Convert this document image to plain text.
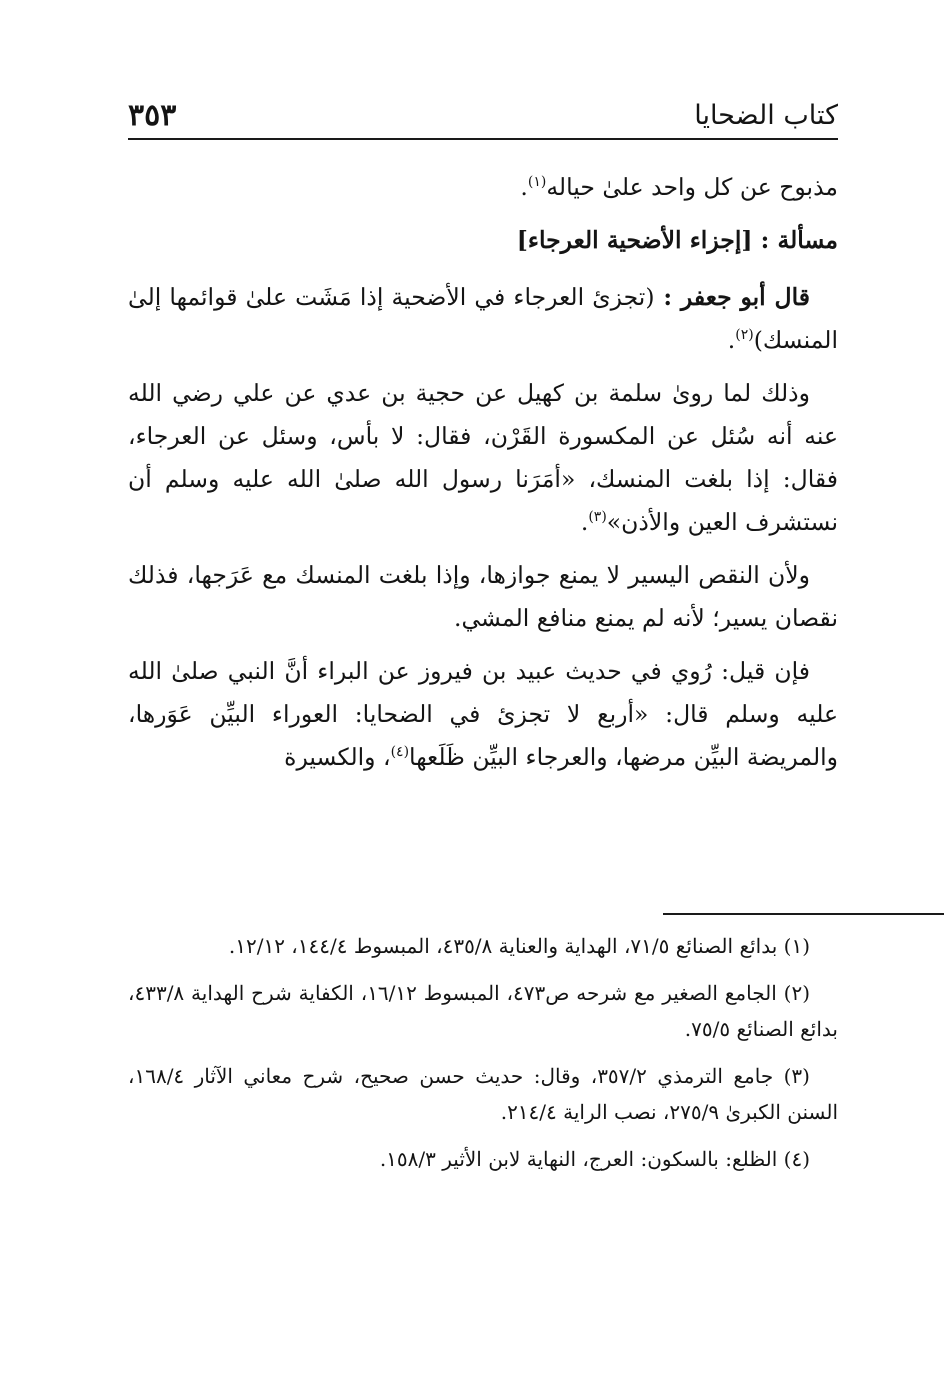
كتاب الضحايا
٣٥٣

مذبوح عن كل واحد علىٰ حياله$^{(١)}$.

مسألة : [إجزاء الأضحية العرجاء]

قال أبو جعفر : (تجزئ العرجاء في الأضحية إذا مَشَت علىٰ قوائمها إلىٰ المنسك)$^{(٢)}$.

وذلك لما روىٰ سلمة بن كهيل عن حجية بن عدي عن علي رضي الله عنه أنه سُئل عن المكسورة القَرْن، فقال: لا بأس، وسئل عن العرجاء، فقال: إذا بلغت المنسك، «أمَرَنا رسول الله صلىٰ الله عليه وسلم أن نستشرف العين والأذن»$^{(٣)}$.

ولأن النقص اليسير لا يمنع جوازها، وإذا بلغت المنسك مع عَرَجها، فذلك نقصان يسير؛ لأنه لم يمنع منافع المشي.

فإن قيل: رُوي في حديث عبيد بن فيروز عن البراء أنَّ النبي صلىٰ الله عليه وسلم قال: «أربع لا تجزئ في الضحايا: العوراء البيِّن عَوَرها، والمريضة البيِّن مرضها، والعرجاء البيِّن ظَلَعها$^{(٤)}$، والكسيرة

(١) بدائع الصنائع ٧١/٥، الهداية والعناية ٤٣٥/٨، المبسوط ١٤٤/٤، ١٢/١٢.

(٢) الجامع الصغير مع شرحه ص٤٧٣، المبسوط ١٦/١٢، الكفاية شرح الهداية ٤٣٣/٨، بدائع الصنائع ٧٥/٥.

(٣) جامع الترمذي ٣٥٧/٢، وقال: حديث حسن صحيح، شرح معاني الآثار ١٦٨/٤، السنن الكبرىٰ ٢٧٥/٩، نصب الراية ٢١٤/٤.

(٤) الظلع: بالسكون: العرج، النهاية لابن الأثير ١٥٨/٣.
